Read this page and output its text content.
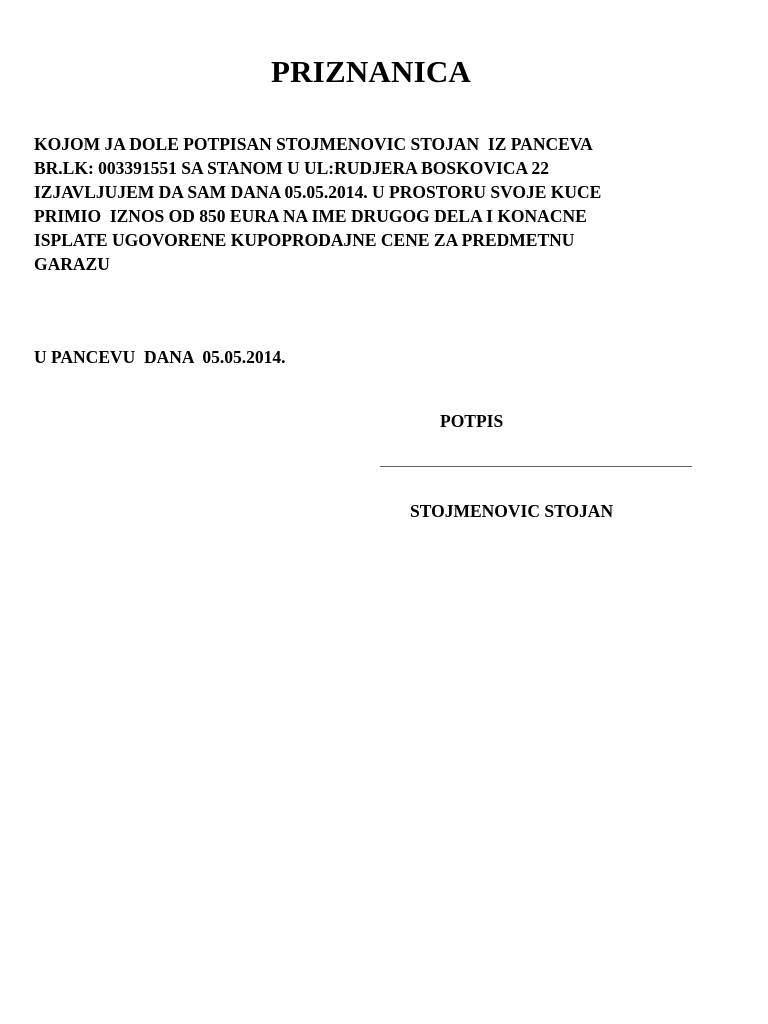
PRIZNANICA

KOJOM JA DOLE POTPISAN STOJMENOVIC STOJAN  IZ PANCEVA
BR.LK: 003391551 SA STANOM U UL:RUDJERA BOSKOVICA 22
IZJAVLJUJEM DA SAM DANA 05.05.2014. U PROSTORU SVOJE KUCE
PRIMIO  IZNOS OD 850 EURA NA IME DRUGOG DELA I KONACNE
ISPLATE UGOVORENE KUPOPRODAJNE CENE ZA PREDMETNU
GARAZU

U PANCEVU  DANA  05.05.2014.

POTPIS

________________________________________________

STOJMENOVIC STOJAN
